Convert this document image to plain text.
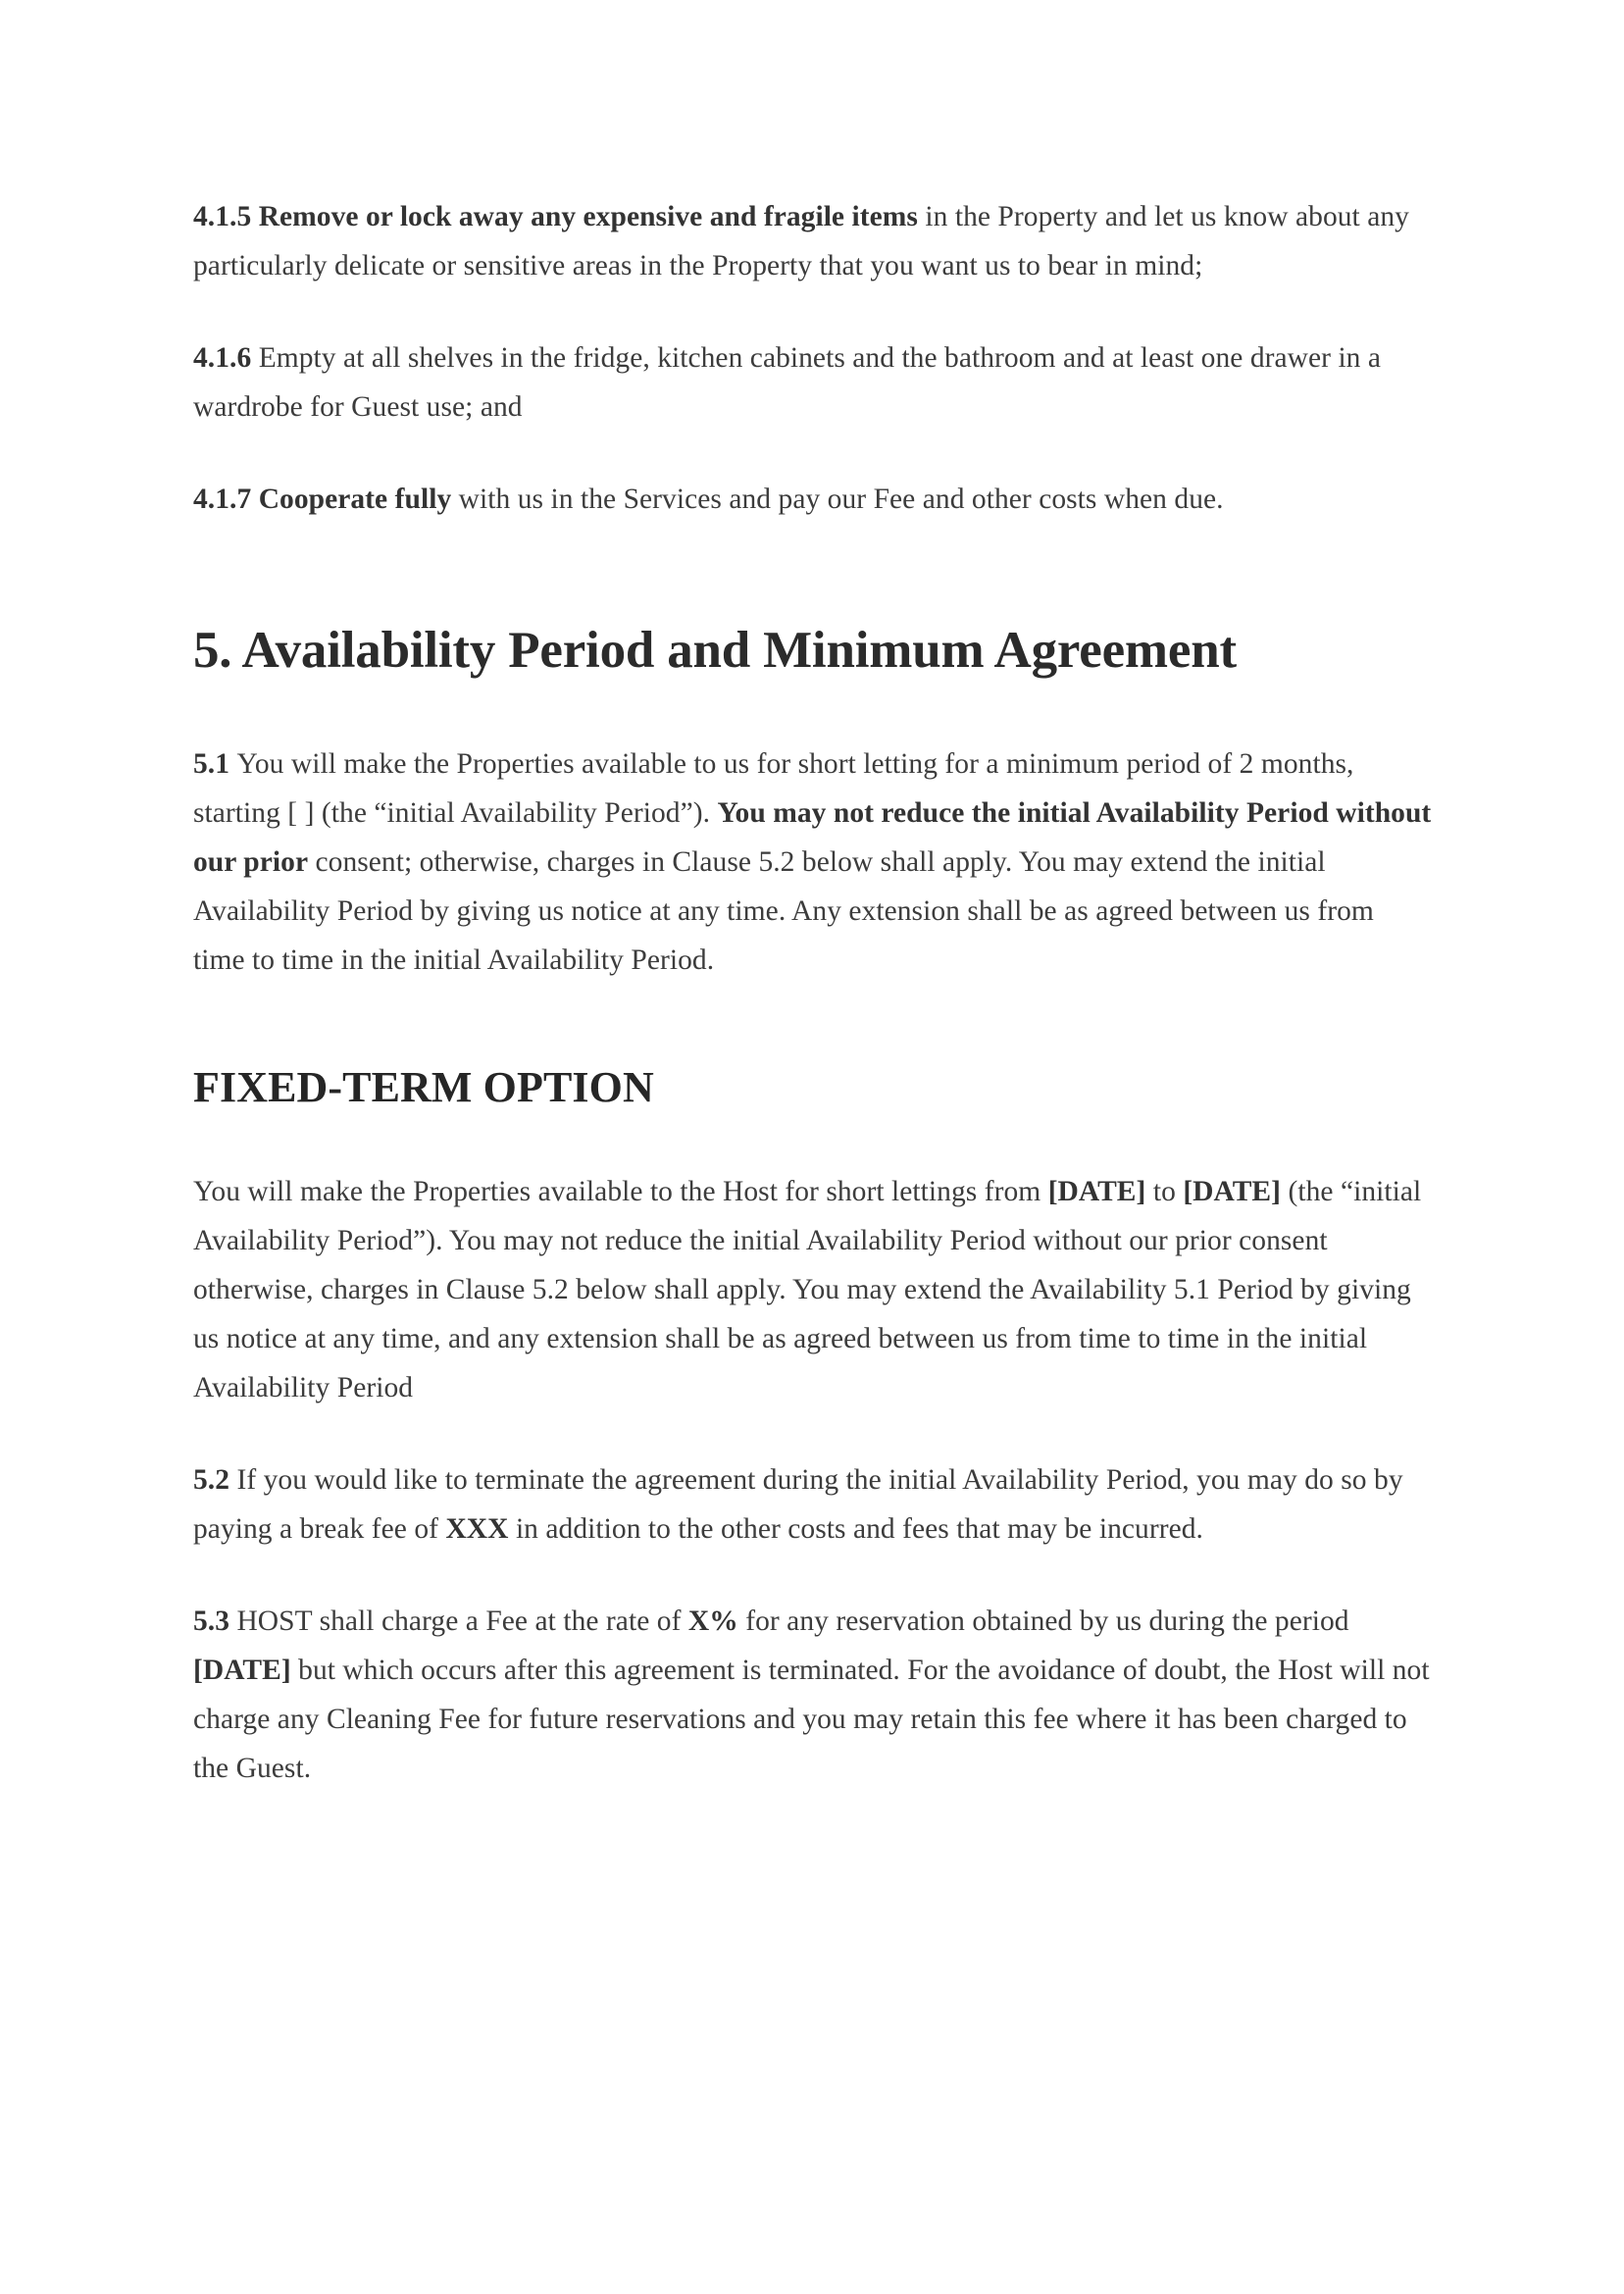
4.1.5 Remove or lock away any expensive and fragile items in the Property and let us know about any particularly delicate or sensitive areas in the Property that you want us to bear in mind;

4.1.6 Empty at all shelves in the fridge, kitchen cabinets and the bathroom and at least one drawer in a wardrobe for Guest use; and

4.1.7 Cooperate fully with us in the Services and pay our Fee and other costs when due.

5. Availability Period and Minimum Agreement

5.1 You will make the Properties available to us for short letting for a minimum period of 2 months, starting [ ] (the “initial Availability Period”). You may not reduce the initial Availability Period without our prior consent; otherwise, charges in Clause 5.2 below shall apply. You may extend the initial Availability Period by giving us notice at any time. Any extension shall be as agreed between us from time to time in the initial Availability Period.

FIXED-TERM OPTION

You will make the Properties available to the Host for short lettings from [DATE] to [DATE] (the “initial Availability Period”). You may not reduce the initial Availability Period without our prior consent otherwise, charges in Clause 5.2 below shall apply. You may extend the Availability 5.1 Period by giving us notice at any time, and any extension shall be as agreed between us from time to time in the initial Availability Period

5.2 If you would like to terminate the agreement during the initial Availability Period, you may do so by paying a break fee of XXX in addition to the other costs and fees that may be incurred.

5.3 HOST shall charge a Fee at the rate of X% for any reservation obtained by us during the period [DATE] but which occurs after this agreement is terminated. For the avoidance of doubt, the Host will not charge any Cleaning Fee for future reservations and you may retain this fee where it has been charged to the Guest.
